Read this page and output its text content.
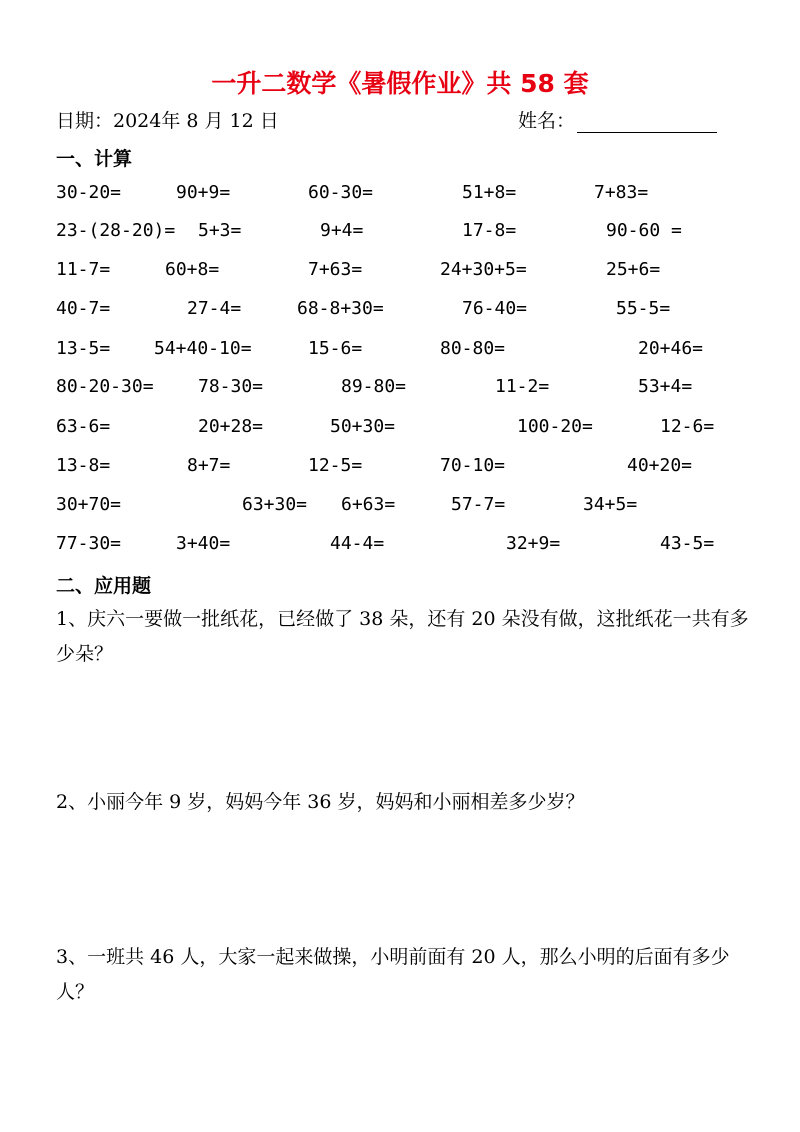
一升二数学《暑假作业》共 58 套
日期：2024年 8 月 12 日	姓名：
一、计算
30-20=	90+9=	60-30=	51+8=	7+83=
23-(28-20)= 5+3=	9+4=	17-8=	90-60 =
11-7=	60+8=	7+63=	24+30+5=	25+6=
40-7=	27-4=	68-8+30=	76-40=	55-5=
13-5= 54+40-10=	15-6=	80-80=	20+46=
80-20-30= 78-30=	89-80=	11-2=	53+4=
63-6=	20+28=	50+30=	100-20=	12-6=
13-8=	8+7=	12-5=	70-10=	40+20=
30+70=	63+30= 6+63=	57-7=	34+5=
77-30=	3+40=	44-4=	32+9=	43-5=
二、应用题
1、庆六一要做一批纸花，已经做了 38 朵，还有 20 朵没有做，这批纸花一共有多少朵？
2、小丽今年 9 岁，妈妈今年 36 岁，妈妈和小丽相差多少岁？
3、一班共 46 人，大家一起来做操，小明前面有 20 人，那么小明的后面有多少人？
